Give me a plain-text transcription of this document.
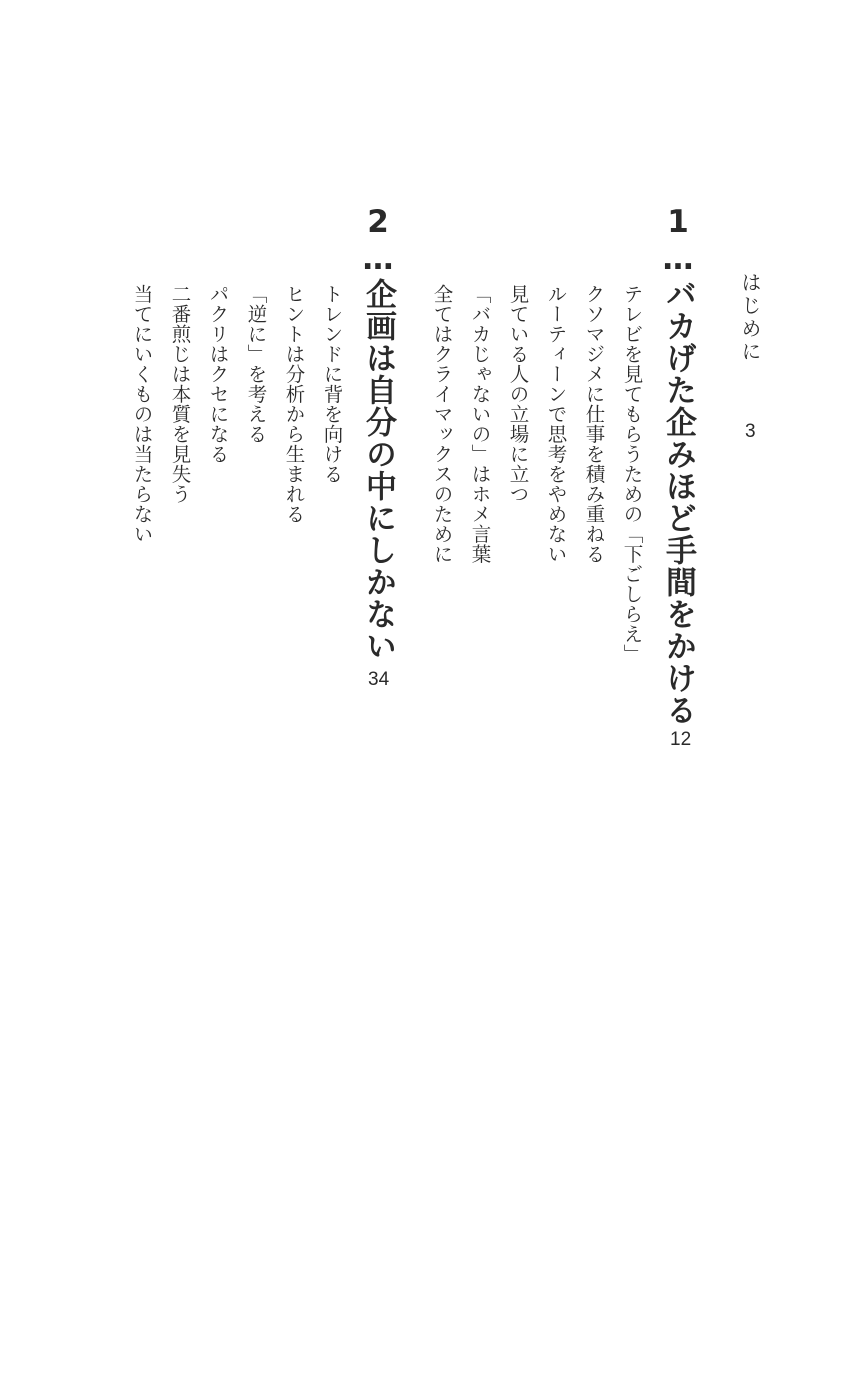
はじめに
3
1…バカげた企みほど手間をかける
12
テレビを見てもらうための「下ごしらえ」
クソマジメに仕事を積み重ねる
ルーティーンで思考をやめない
見ている人の立場に立つ
「バカじゃないの」はホメ言葉
全てはクライマックスのために
2…企画は自分の中にしかない
34
トレンドに背を向ける
ヒントは分析から生まれる
「逆に」を考える
パクリはクセになる
二番煎じは本質を見失う
当てにいくものは当たらない
